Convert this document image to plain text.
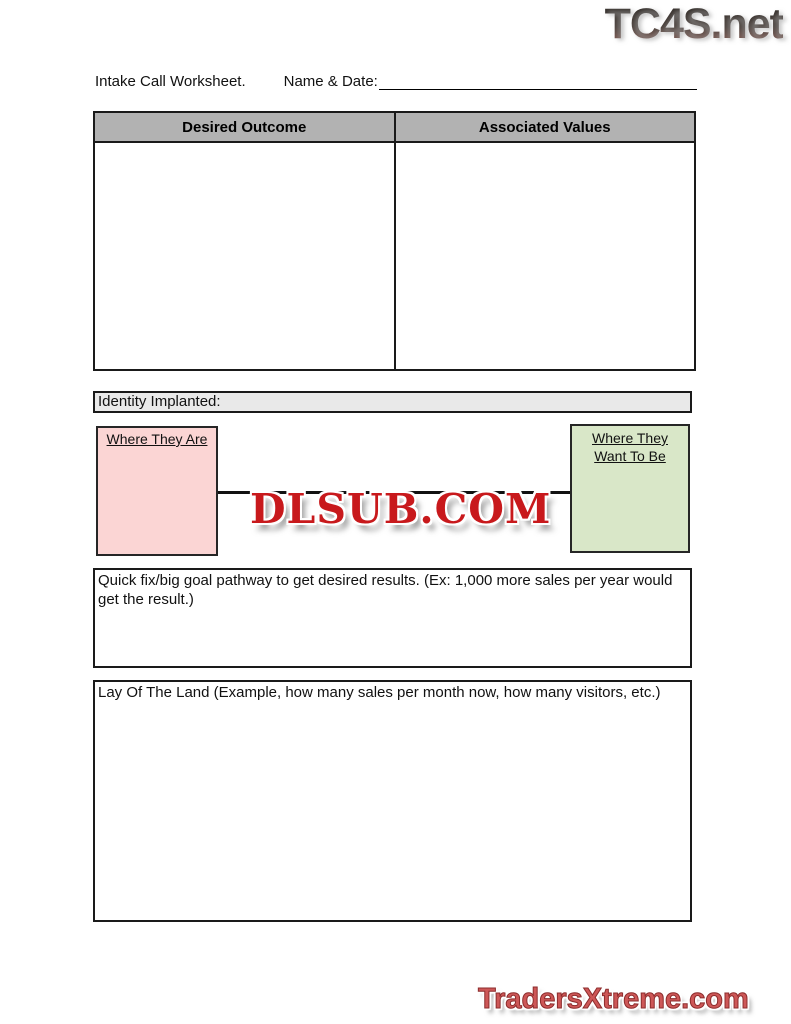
TC4S.net
Intake Call Worksheet.	Name & Date:
Desired Outcome	Associated Values
Identity Implanted:
Where They Are	Where They Want To Be
DLSUB.COM
Quick fix/big goal pathway to get desired results. (Ex: 1,000 more sales per year would get the result.)
Lay Of The Land (Example, how many sales per month now, how many visitors, etc.)
TradersXtreme.com
